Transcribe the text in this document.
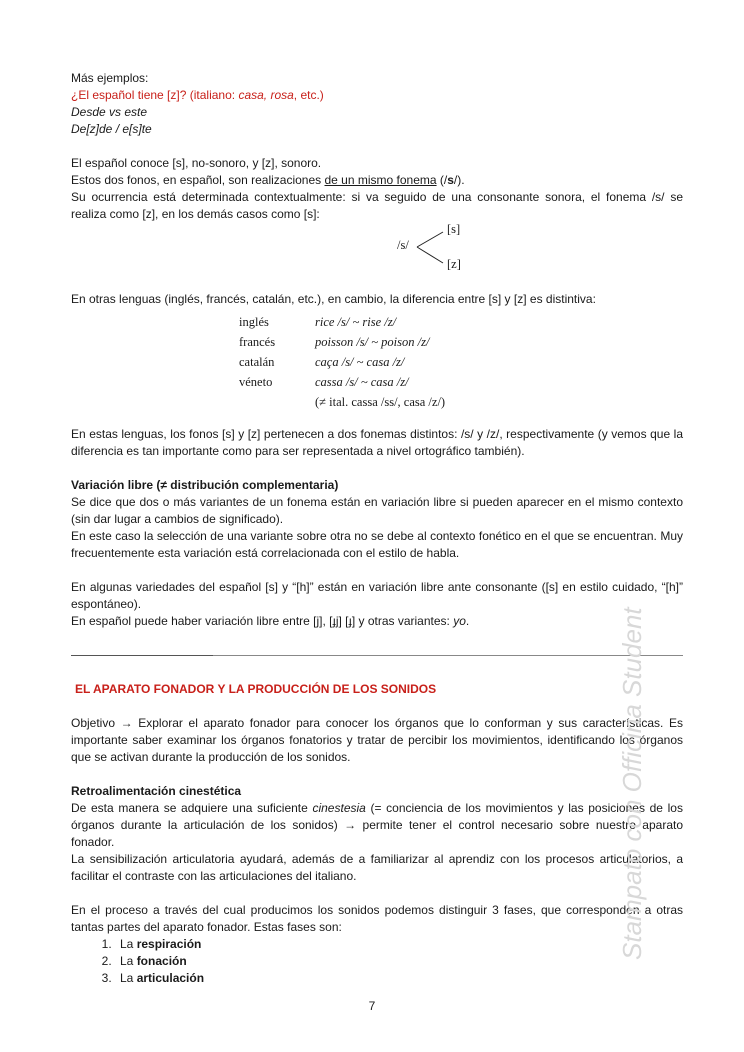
Más ejemplos:

¿El español tiene [z]? (italiano: casa, rosa, etc.)

Desde vs este

De[z]de / e[s]te

El español conoce [s], no-sonoro, y [z], sonoro.

Estos dos fonos, en español, son realizaciones de un mismo fonema (/s/).

Su ocurrencia está determinada contextualmente: si va seguido de una consonante sonora, el fonema /s/ se realiza como [z], en los demás casos como [s]:

/s/
[s]
[z]

En otras lenguas (inglés, francés, catalán, etc.), en cambio, la diferencia entre [s] y [z] es distintiva:

inglés	rice /s/ ~ rise /z/
francés	poisson /s/ ~ poison /z/
catalán	caça /s/ ~ casa /z/
véneto	cassa /s/ ~ casa /z/
	(≠ ital. cassa /ss/, casa /z/)

En estas lenguas, los fonos [s] y [z] pertenecen a dos fonemas distintos: /s/ y /z/, respectivamente (y vemos que la diferencia es tan importante como para ser representada a nivel ortográfico también).

Variación libre (≠ distribución complementaria)

Se dice que dos o más variantes de un fonema están en variación libre si pueden aparecer en el mismo contexto (sin dar lugar a cambios de significado).

En este caso la selección de una variante sobre otra no se debe al contexto fonético en el que se encuentran. Muy frecuentemente esta variación está correlacionada con el estilo de habla.

En algunas variedades del español [s] y “[h]” están en variación libre ante consonante ([s] en estilo cuidado, “[h]” espontáneo).

En español puede haber variación libre entre [j], [ɟj] [ɟ] y otras variantes: yo.

EL APARATO FONADOR Y LA PRODUCCIÓN DE LOS SONIDOS

Objetivo → Explorar el aparato fonador para conocer los órganos que lo conforman y sus características. Es importante saber examinar los órganos fonatorios y tratar de percibir los movimientos, identificando los órganos que se activan durante la producción de los sonidos.

Retroalimentación cinestética

De esta manera se adquiere una suficiente cinestesia (= conciencia de los movimientos y las posiciones de los órganos durante la articulación de los sonidos) → permite tener el control necesario sobre nuestro aparato fonador.

La sensibilización articulatoria ayudará, además de a familiarizar al aprendiz con los procesos articulatorios, a facilitar el contraste con las articulaciones del italiano.

En el proceso a través del cual producimos los sonidos podemos distinguir 3 fases, que corresponden a otras tantas partes del aparato fonador. Estas fases son:

1. La respiración
2. La fonación
3. La articulación
Stampato con Officina Student
7
